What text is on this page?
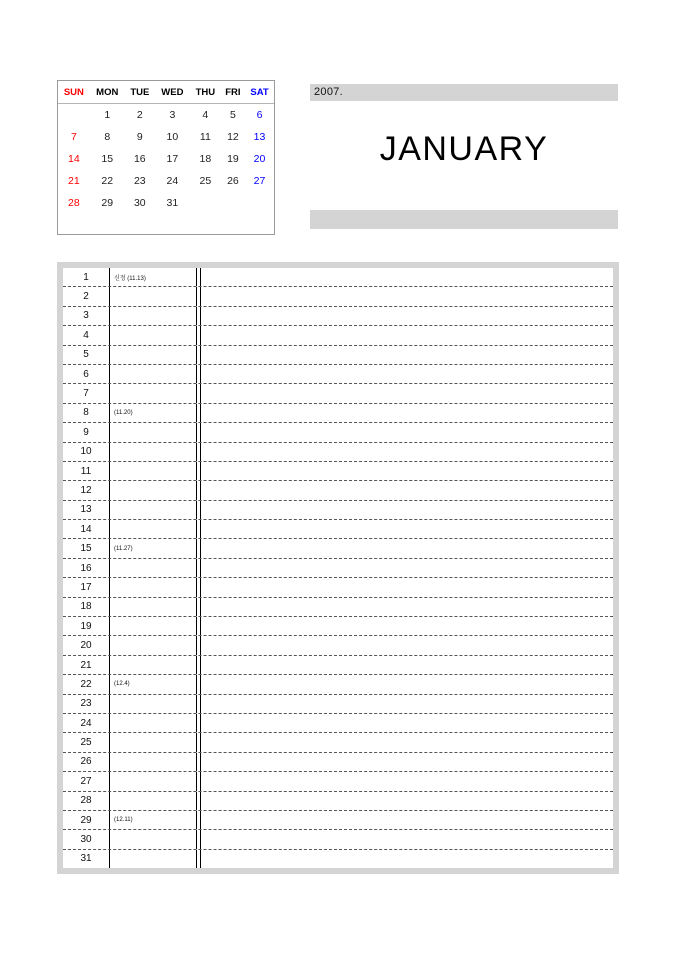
SUN	MON	TUE	WED	THU	FRI	SAT
	1	2	3	4	5	6
7	8	9	10	11	12	13
14	15	16	17	18	19	20
21	22	23	24	25	26	27
28	29	30	31			
2007.
JANUARY
1	신정 (11.13)
2
3
4
5
6
7
8	(11.20)
9
10
11
12
13
14
15	(11.27)
16
17
18
19
20
21
22	(12.4)
23
24
25
26
27
28
29	(12.11)
30
31
